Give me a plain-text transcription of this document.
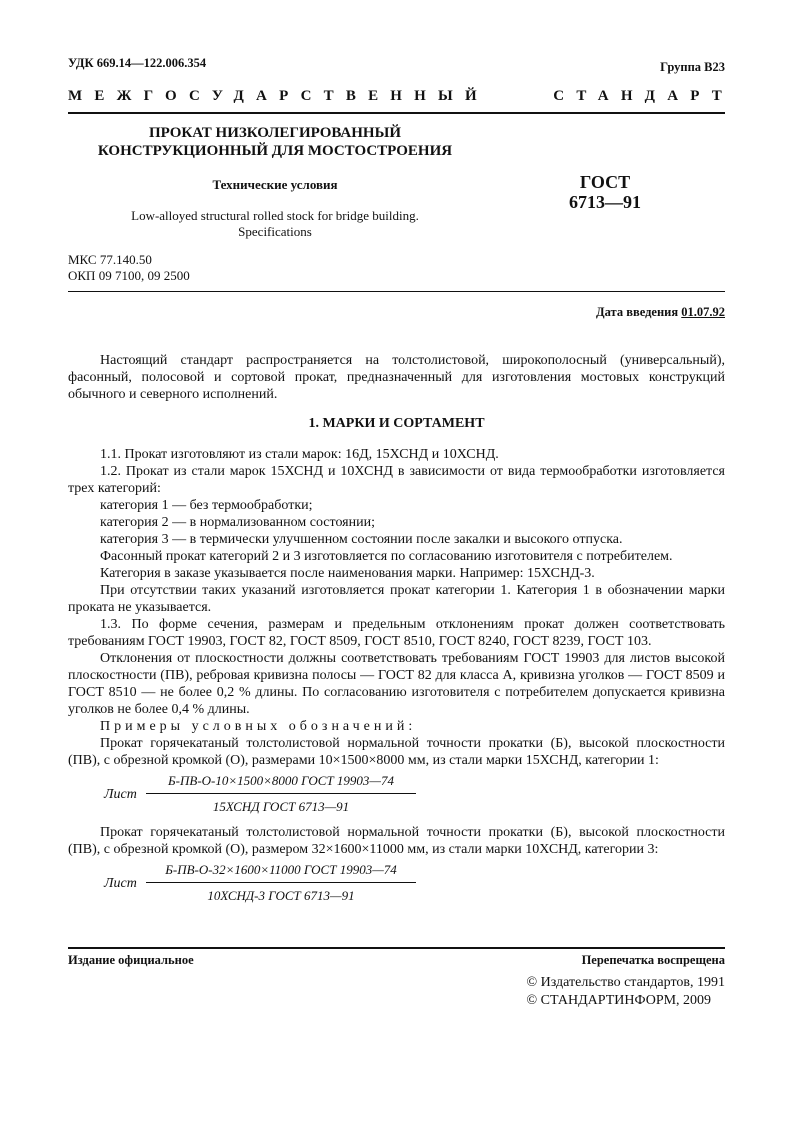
УДК 669.14—122.006.354	Группа В23
МЕЖГОСУДАРСТВЕННЫЙ	СТАНДАРТ
ПРОКАТ НИЗКОЛЕГИРОВАННЫЙ
КОНСТРУКЦИОННЫЙ ДЛЯ МОСТОСТРОЕНИЯ
Технические условия
Low-alloyed structural rolled stock for bridge building.
Specifications
ГОСТ
6713—91
МКС 77.140.50
ОКП 09 7100, 09 2500
Дата введения 01.07.92

Настоящий стандарт распространяется на толстолистовой, широкополосный (универсальный), фасонный, полосовой и сортовой прокат, предназначенный для изготовления мостовых конструкций обычного и северного исполнений.

1. МАРКИ И СОРТАМЕНТ

1.1. Прокат изготовляют из стали марок: 16Д, 15ХСНД и 10ХСНД.

1.2. Прокат из стали марок 15ХСНД и 10ХСНД в зависимости от вида термообработки изготовляется трех категорий:

категория 1 — без термообработки;

категория 2 — в нормализованном состоянии;

категория 3 — в термически улучшенном состоянии после закалки и высокого отпуска.

Фасонный прокат категорий 2 и 3 изготовляется по согласованию изготовителя с потребителем.

Категория в заказе указывается после наименования марки. Например: 15ХСНД-3.

При отсутствии таких указаний изготовляется прокат категории 1. Категория 1 в обозначении марки проката не указывается.

1.3. По форме сечения, размерам и предельным отклонениям прокат должен соответствовать требованиям ГОСТ 19903, ГОСТ 82, ГОСТ 8509, ГОСТ 8510, ГОСТ 8240, ГОСТ 8239, ГОСТ 103.

Отклонения от плоскостности должны соответствовать требованиям ГОСТ 19903 для листов высокой плоскостности (ПВ), ребровая кривизна полосы — ГОСТ 82 для класса А, кривизна уголков — ГОСТ 8509 и ГОСТ 8510 — не более 0,2 % длины. По согласованию изготовителя с потребителем допускается кривизна уголков не более 0,4 % длины.

Примеры условных обозначений:

Прокат горячекатаный толстолистовой нормальной точности прокатки (Б), высокой плоскостности (ПВ), с обрезной кромкой (О), размерами 10×1500×8000 мм, из стали марки 15ХСНД, категории 1:

Лист
Б-ПВ-О-10×1500×8000 ГОСТ 19903—74
15ХСНД ГОСТ 6713—91

Прокат горячекатаный толстолистовой нормальной точности прокатки (Б), высокой плоскостности (ПВ), с обрезной кромкой (О), размером 32×1600×11000 мм, из стали марки 10ХСНД, категории 3:

Лист
Б-ПВ-О-32×1600×11000 ГОСТ 19903—74
10ХСНД-3 ГОСТ 6713—91
Издание официальное	Перепечатка воспрещена
© Издательство стандартов, 1991
© СТАНДАРТИНФОРМ, 2009
